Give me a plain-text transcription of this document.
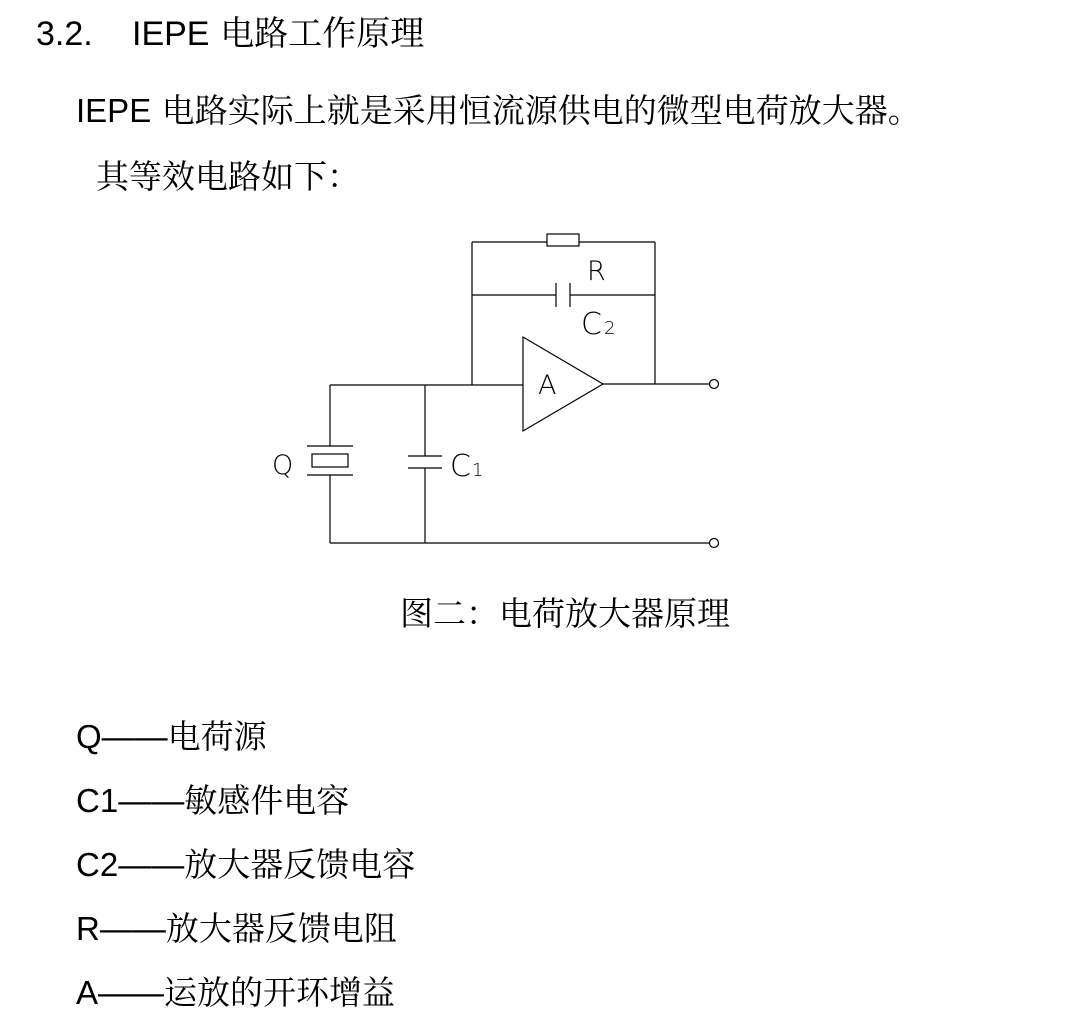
3.2. IEPE 电路工作原理

IEPE 电路实际上就是采用恒流源供电的微型电荷放大器。

其等效电路如下：

R
C 2
A
Q	C 1

图二：电荷放大器原理

Q——电荷源
C1——敏感件电容
C2——放大器反馈电容
R——放大器反馈电阻
A——运放的开环增益
